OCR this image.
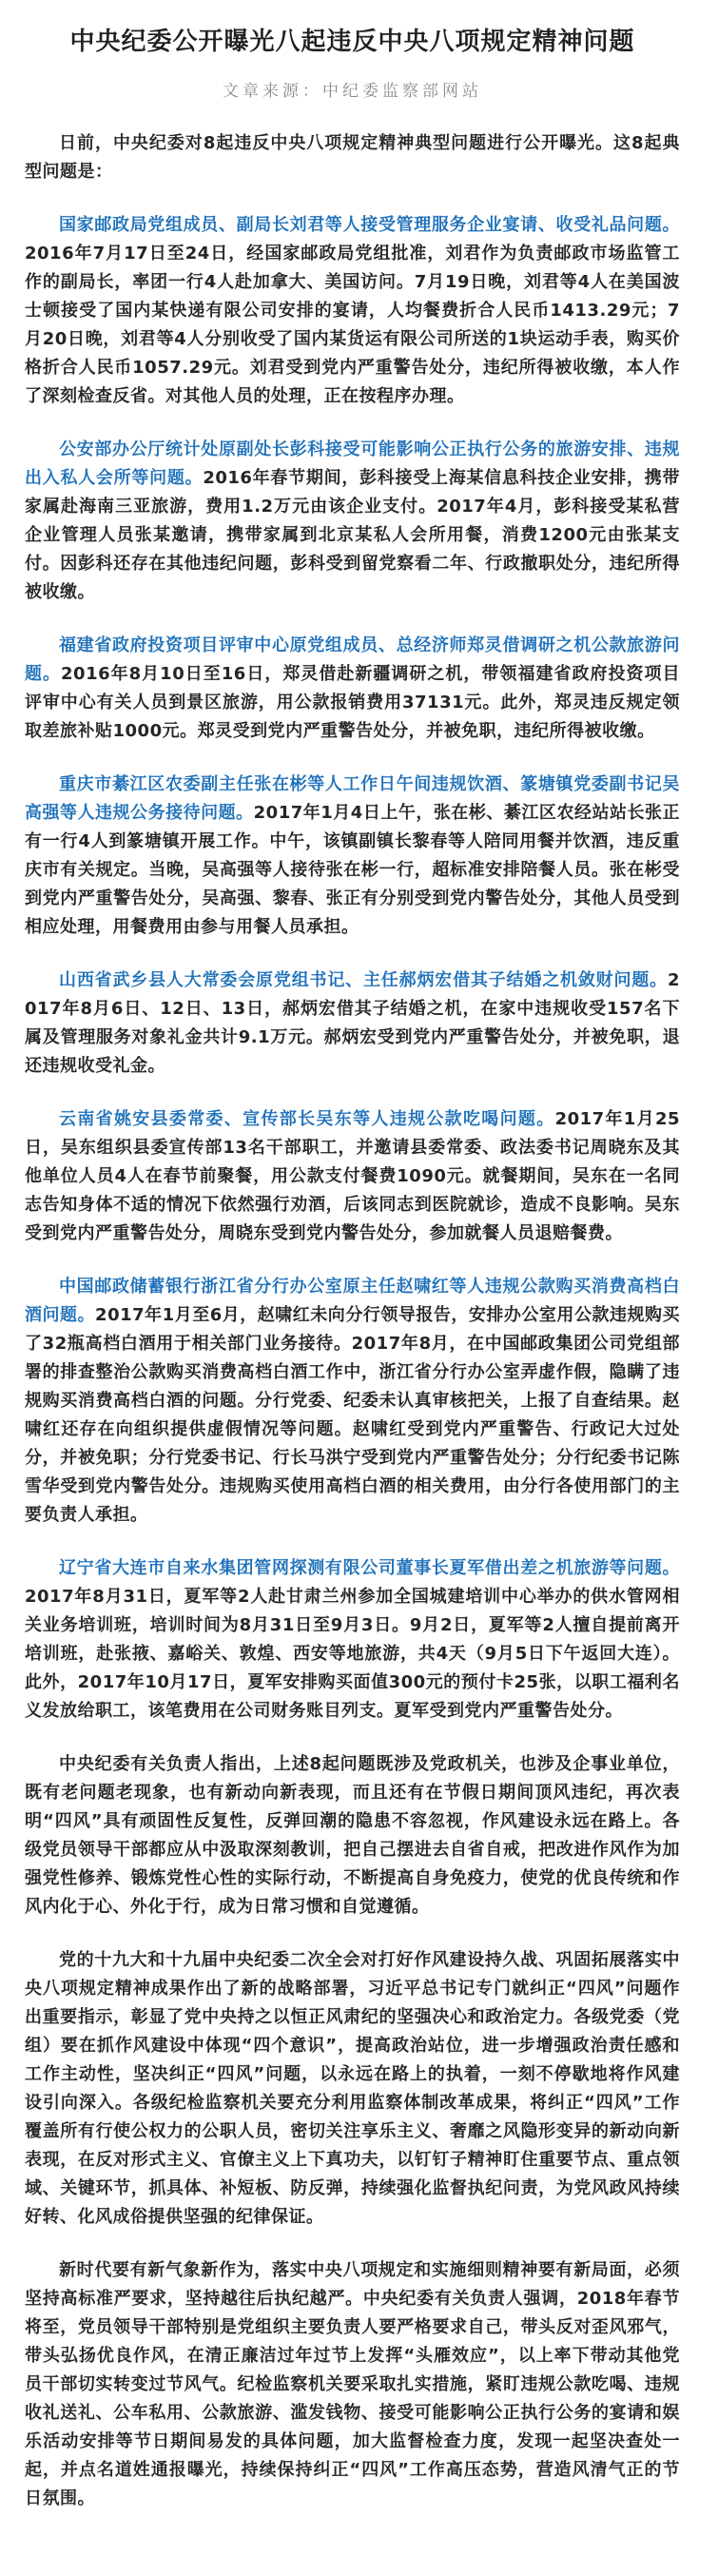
中央纪委公开曝光八起违反中央八项规定精神问题
文章来源：中纪委监察部网站

日前，中央纪委对8起违反中央八项规定精神典型问题进行公开曝光。这8起典型问题是：

国家邮政局党组成员、副局长刘君等人接受管理服务企业宴请、收受礼品问题。2016年7月17日至24日，经国家邮政局党组批准，刘君作为负责邮政市场监管工作的副局长，率团一行4人赴加拿大、美国访问。7月19日晚，刘君等4人在美国波士顿接受了国内某快递有限公司安排的宴请，人均餐费折合人民币1413.29元；7月20日晚，刘君等4人分别收受了国内某货运有限公司所送的1块运动手表，购买价格折合人民币1057.29元。刘君受到党内严重警告处分，违纪所得被收缴，本人作了深刻检查反省。对其他人员的处理，正在按程序办理。

公安部办公厅统计处原副处长彭科接受可能影响公正执行公务的旅游安排、违规出入私人会所等问题。2016年春节期间，彭科接受上海某信息科技企业安排，携带家属赴海南三亚旅游，费用1.2万元由该企业支付。2017年4月，彭科接受某私营企业管理人员张某邀请，携带家属到北京某私人会所用餐，消费1200元由张某支付。因彭科还存在其他违纪问题，彭科受到留党察看二年、行政撤职处分，违纪所得被收缴。

福建省政府投资项目评审中心原党组成员、总经济师郑灵借调研之机公款旅游问题。2016年8月10日至16日，郑灵借赴新疆调研之机，带领福建省政府投资项目评审中心有关人员到景区旅游，用公款报销费用37131元。此外，郑灵违反规定领取差旅补贴1000元。郑灵受到党内严重警告处分，并被免职，违纪所得被收缴。

重庆市綦江区农委副主任张在彬等人工作日午间违规饮酒、篆塘镇党委副书记吴高强等人违规公务接待问题。2017年1月4日上午，张在彬、綦江区农经站站长张正有一行4人到篆塘镇开展工作。中午，该镇副镇长黎春等人陪同用餐并饮酒，违反重庆市有关规定。当晚，吴高强等人接待张在彬一行，超标准安排陪餐人员。张在彬受到党内严重警告处分，吴高强、黎春、张正有分别受到党内警告处分，其他人员受到相应处理，用餐费用由参与用餐人员承担。

山西省武乡县人大常委会原党组书记、主任郝炳宏借其子结婚之机敛财问题。2017年8月6日、12日、13日，郝炳宏借其子结婚之机，在家中违规收受157名下属及管理服务对象礼金共计9.1万元。郝炳宏受到党内严重警告处分，并被免职，退还违规收受礼金。

云南省姚安县委常委、宣传部长吴东等人违规公款吃喝问题。2017年1月25日，吴东组织县委宣传部13名干部职工，并邀请县委常委、政法委书记周晓东及其他单位人员4人在春节前聚餐，用公款支付餐费1090元。就餐期间，吴东在一名同志告知身体不适的情况下依然强行劝酒，后该同志到医院就诊，造成不良影响。吴东受到党内严重警告处分，周晓东受到党内警告处分，参加就餐人员退赔餐费。

中国邮政储蓄银行浙江省分行办公室原主任赵啸红等人违规公款购买消费高档白酒问题。2017年1月至6月，赵啸红未向分行领导报告，安排办公室用公款违规购买了32瓶高档白酒用于相关部门业务接待。2017年8月，在中国邮政集团公司党组部署的排查整治公款购买消费高档白酒工作中，浙江省分行办公室弄虚作假，隐瞒了违规购买消费高档白酒的问题。分行党委、纪委未认真审核把关，上报了自查结果。赵啸红还存在向组织提供虚假情况等问题。赵啸红受到党内严重警告、行政记大过处分，并被免职；分行党委书记、行长马洪宁受到党内严重警告处分；分行纪委书记陈雪华受到党内警告处分。违规购买使用高档白酒的相关费用，由分行各使用部门的主要负责人承担。

辽宁省大连市自来水集团管网探测有限公司董事长夏军借出差之机旅游等问题。2017年8月31日，夏军等2人赴甘肃兰州参加全国城建培训中心举办的供水管网相关业务培训班，培训时间为8月31日至9月3日。9月2日，夏军等2人擅自提前离开培训班，赴张掖、嘉峪关、敦煌、西安等地旅游，共4天（9月5日下午返回大连）。此外，2017年10月17日，夏军安排购买面值300元的预付卡25张，以职工福利名义发放给职工，该笔费用在公司财务账目列支。夏军受到党内严重警告处分。

中央纪委有关负责人指出，上述8起问题既涉及党政机关，也涉及企事业单位，既有老问题老现象，也有新动向新表现，而且还有在节假日期间顶风违纪，再次表明“四风”具有顽固性反复性，反弹回潮的隐患不容忽视，作风建设永远在路上。各级党员领导干部都应从中汲取深刻教训，把自己摆进去自省自戒，把改进作风作为加强党性修养、锻炼党性心性的实际行动，不断提高自身免疫力，使党的优良传统和作风内化于心、外化于行，成为日常习惯和自觉遵循。

党的十九大和十九届中央纪委二次全会对打好作风建设持久战、巩固拓展落实中央八项规定精神成果作出了新的战略部署，习近平总书记专门就纠正“四风”问题作出重要指示，彰显了党中央持之以恒正风肃纪的坚强决心和政治定力。各级党委（党组）要在抓作风建设中体现“四个意识”，提高政治站位，进一步增强政治责任感和工作主动性，坚决纠正“四风”问题，以永远在路上的执着，一刻不停歇地将作风建设引向深入。各级纪检监察机关要充分利用监察体制改革成果，将纠正“四风”工作覆盖所有行使公权力的公职人员，密切关注享乐主义、奢靡之风隐形变异的新动向新表现，在反对形式主义、官僚主义上下真功夫，以钉钉子精神盯住重要节点、重点领域、关键环节，抓具体、补短板、防反弹，持续强化监督执纪问责，为党风政风持续好转、化风成俗提供坚强的纪律保证。

新时代要有新气象新作为，落实中央八项规定和实施细则精神要有新局面，必须坚持高标准严要求，坚持越往后执纪越严。中央纪委有关负责人强调，2018年春节将至，党员领导干部特别是党组织主要负责人要严格要求自己，带头反对歪风邪气，带头弘扬优良作风，在清正廉洁过年过节上发挥“头雁效应”，以上率下带动其他党员干部切实转变过节风气。纪检监察机关要采取扎实措施，紧盯违规公款吃喝、违规收礼送礼、公车私用、公款旅游、滥发钱物、接受可能影响公正执行公务的宴请和娱乐活动安排等节日期间易发的具体问题，加大监督检查力度，发现一起坚决查处一起，并点名道姓通报曝光，持续保持纠正“四风”工作高压态势，营造风清气正的节日氛围。
